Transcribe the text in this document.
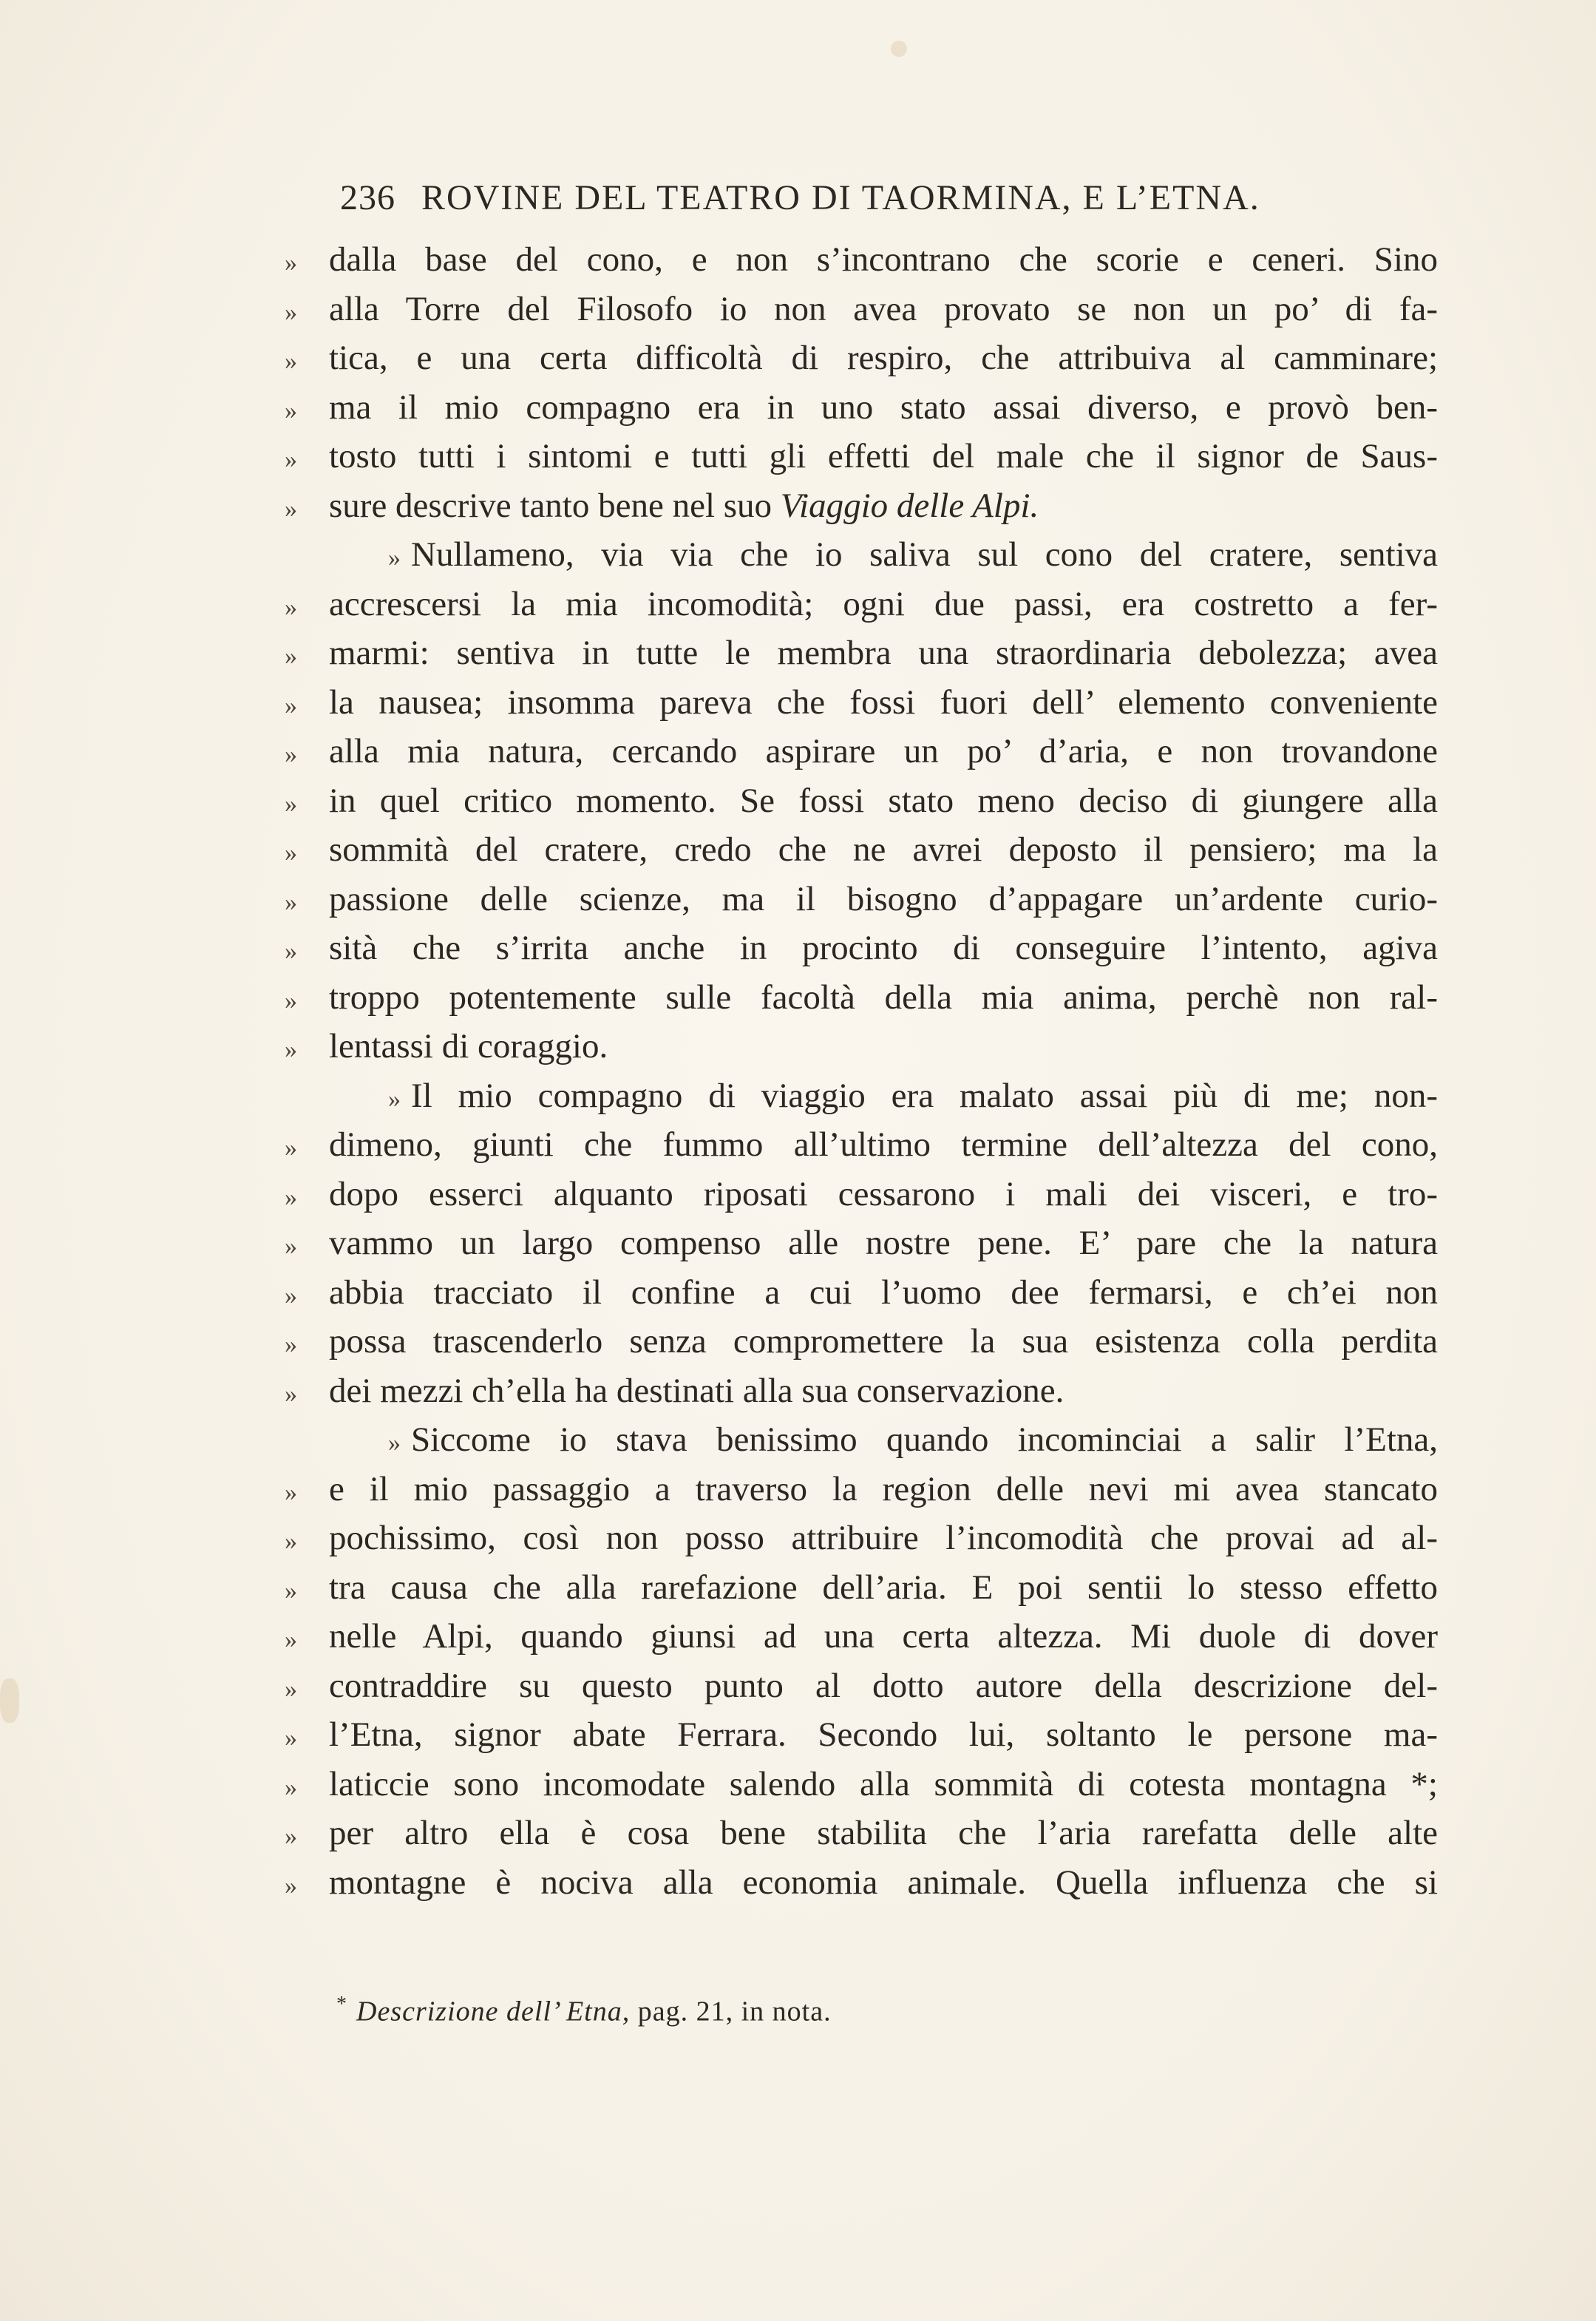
236 ROVINE DEL TEATRO DI TAORMINA, E L’ETNA.
» dalla base del cono, e non s’incontrano che scorie e ceneri. Sino
» alla Torre del Filosofo io non avea provato se non un po’ di fa-
» tica, e una certa difficoltà di respiro, che attribuiva al camminare;
» ma il mio compagno era in uno stato assai diverso, e provò ben-
» tosto tutti i sintomi e tutti gli effetti del male che il signor de Saus-
» sure descrive tanto bene nel suo Viaggio delle Alpi.
» Nullameno, via via che io saliva sul cono del cratere, sentiva
» accrescersi la mia incomodità; ogni due passi, era costretto a fer-
» marmi: sentiva in tutte le membra una straordinaria debolezza; avea
» la nausea; insomma pareva che fossi fuori dell’ elemento conveniente
» alla mia natura, cercando aspirare un po’ d’aria, e non trovandone
» in quel critico momento. Se fossi stato meno deciso di giungere alla
» sommità del cratere, credo che ne avrei deposto il pensiero; ma la
» passione delle scienze, ma il bisogno d’appagare un’ardente curio-
» sità che s’irrita anche in procinto di conseguire l’intento, agiva
» troppo potentemente sulle facoltà della mia anima, perchè non ral-
» lentassi di coraggio.
» Il mio compagno di viaggio era malato assai più di me; non-
» dimeno, giunti che fummo all’ultimo termine dell’altezza del cono,
» dopo esserci alquanto riposati cessarono i mali dei visceri, e tro-
» vammo un largo compenso alle nostre pene. E’ pare che la natura
» abbia tracciato il confine a cui l’uomo dee fermarsi, e ch’ei non
» possa trascenderlo senza compromettere la sua esistenza colla perdita
» dei mezzi ch’ella ha destinati alla sua conservazione.
» Siccome io stava benissimo quando incominciai a salir l’Etna,
» e il mio passaggio a traverso la region delle nevi mi avea stancato
» pochissimo, così non posso attribuire l’incomodità che provai ad al-
» tra causa che alla rarefazione dell’aria. E poi sentii lo stesso effetto
» nelle Alpi, quando giunsi ad una certa altezza. Mi duole di dover
» contraddire su questo punto al dotto autore della descrizione del-
» l’Etna, signor abate Ferrara. Secondo lui, soltanto le persone ma-
» laticcie sono incomodate salendo alla sommità di cotesta montagna *;
» per altro ella è cosa bene stabilita che l’aria rarefatta delle alte
» montagne è nociva alla economia animale. Quella influenza che si
* Descrizione dell’ Etna, pag. 21, in nota.
